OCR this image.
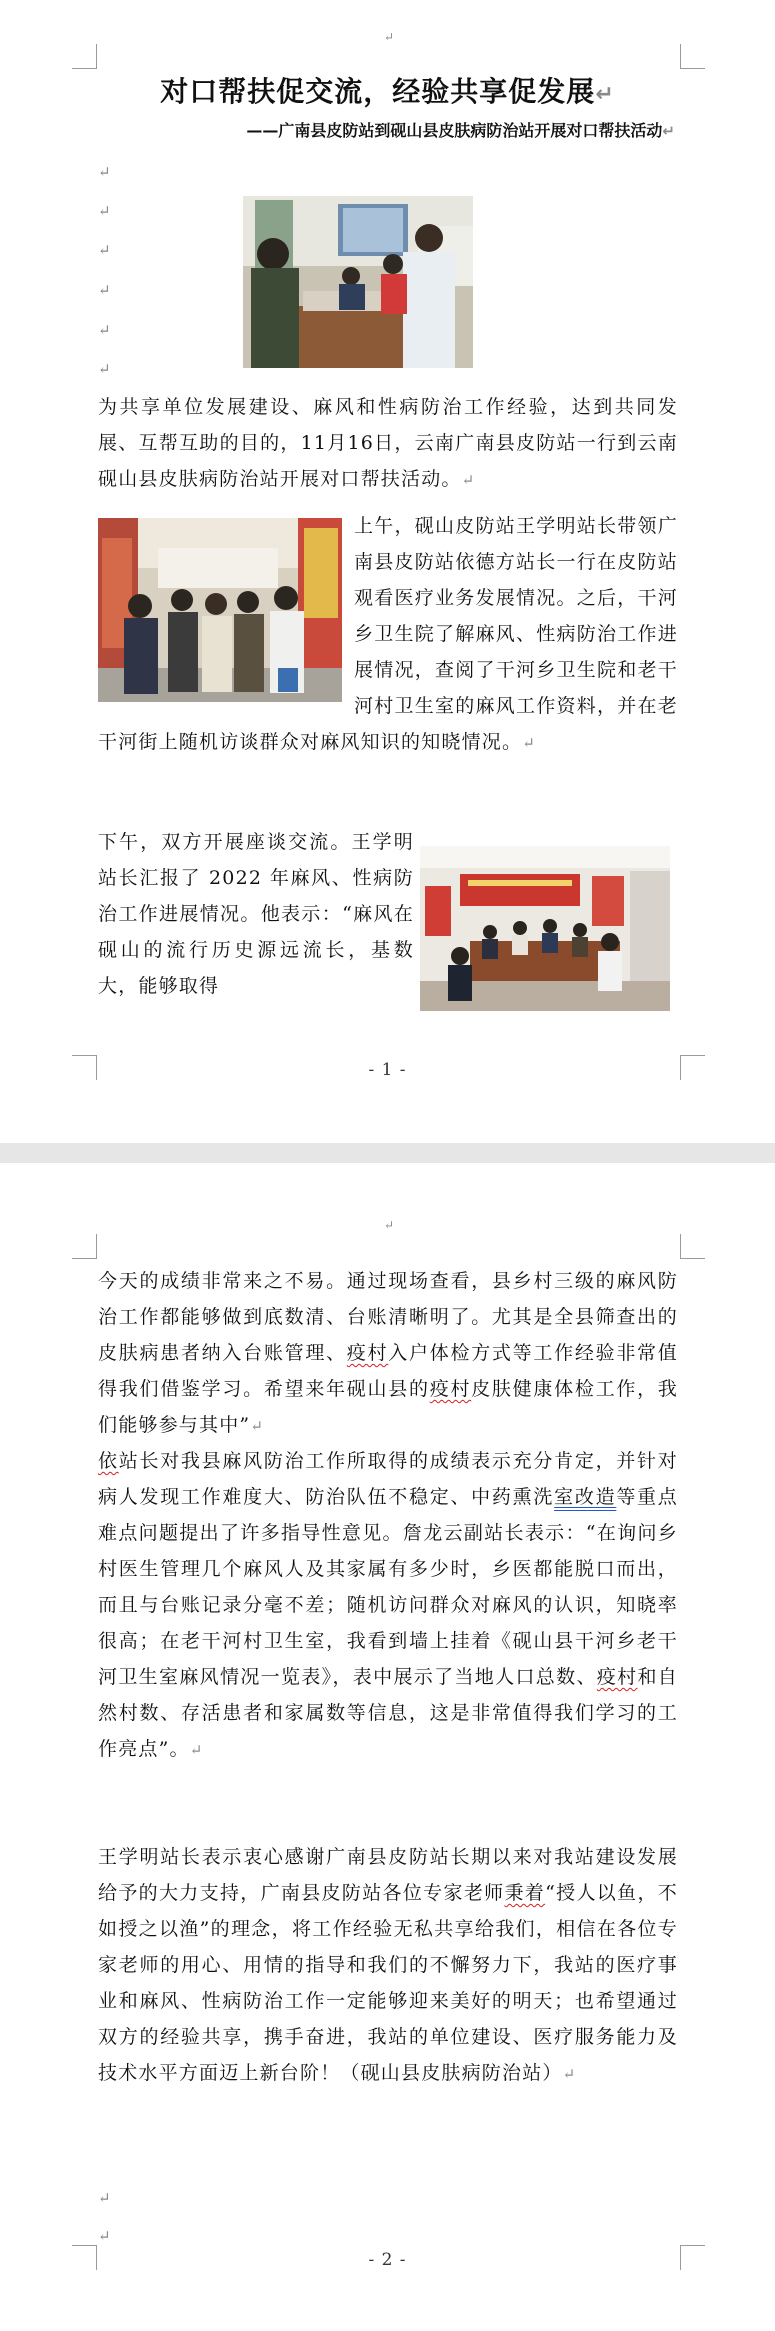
↵
对口帮扶促交流，经验共享促发展↵
——广南县皮防站到砚山县皮肤病防治站开展对口帮扶活动↵
↵
↵
↵
↵
↵
↵

为共享单位发展建设、麻风和性病防治工作经验，达到共同发展、互帮互助的目的，11月16日，云南广南县皮防站一行到云南砚山县皮肤病防治站开展对口帮扶活动。↵

上午，砚山皮防站王学明站长带领广南县皮防站依德方站长一行在皮防站观看医疗业务发展情况。之后，干河乡卫生院了解麻风、性病防治工作进展情况，查阅了干河乡卫生院和老干河村卫生室的麻风工作资料，并在老干河街上随机访谈群众对麻风知识的知晓情况。↵

下午，双方开展座谈交流。王学明站长汇报了 2022 年麻风、性病防治工作进展情况。他表示：“麻风在砚山的流行历史源远流长，基数大，能够取得

- 1 -
↵

今天的成绩非常来之不易。通过现场查看，县乡村三级的麻风防治工作都能够做到底数清、台账清晰明了。尤其是全县筛查出的皮肤病患者纳入台账管理、疫村入户体检方式等工作经验非常值得我们借鉴学习。希望来年砚山县的疫村皮肤健康体检工作，我们能够参与其中”↵

依站长对我县麻风防治工作所取得的成绩表示充分肯定，并针对病人发现工作难度大、防治队伍不稳定、中药熏洗室改造等重点难点问题提出了许多指导性意见。詹龙云副站长表示：“在询问乡村医生管理几个麻风人及其家属有多少时，乡医都能脱口而出，而且与台账记录分毫不差；随机访问群众对麻风的认识，知晓率很高；在老干河村卫生室，我看到墙上挂着《砚山县干河乡老干河卫生室麻风情况一览表》，表中展示了当地人口总数、疫村和自然村数、存活患者和家属数等信息，这是非常值得我们学习的工作亮点”。↵

王学明站长表示衷心感谢广南县皮防站长期以来对我站建设发展给予的大力支持，广南县皮防站各位专家老师秉着“授人以鱼，不如授之以渔”的理念，将工作经验无私共享给我们，相信在各位专家老师的用心、用情的指导和我们的不懈努力下，我站的医疗事业和麻风、性病防治工作一定能够迎来美好的明天；也希望通过双方的经验共享，携手奋进，我站的单位建设、医疗服务能力及技术水平方面迈上新台阶！（砚山县皮肤病防治站）↵

↵
↵
- 2 -
